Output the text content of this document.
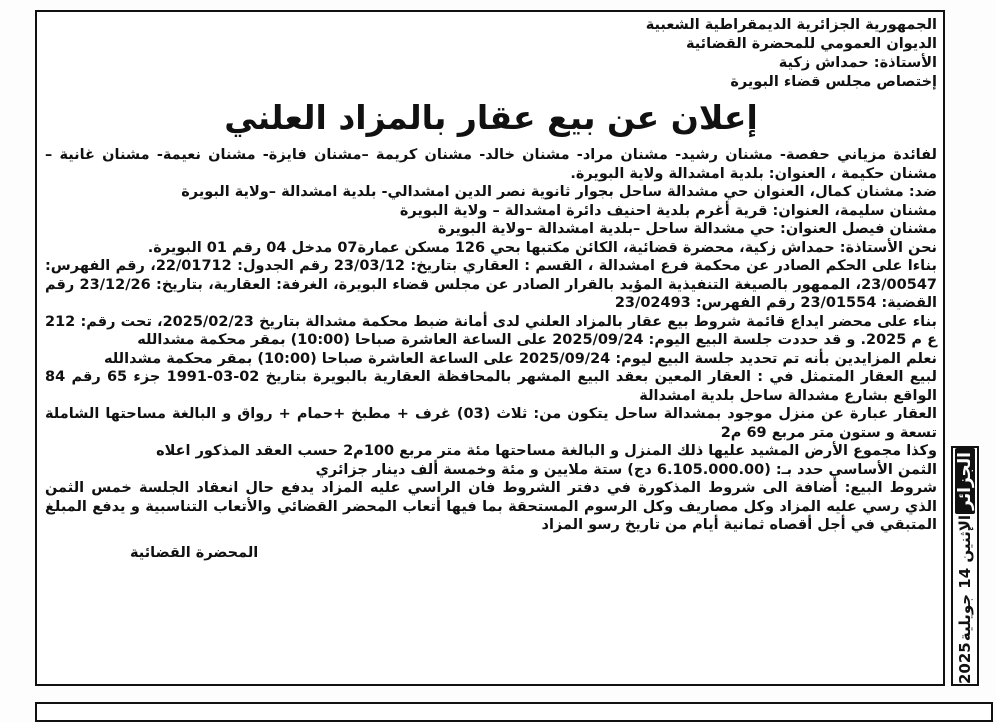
الجمهورية الجزائرية الديمقراطية الشعبية
الديوان العمومي للمحضرة القضائية
الأستاذة: حمداش زكية
إختصاص مجلس قضاء البويرة
إعلان عن بيع عقار بالمزاد العلني

لفائدة مزياني حفصة- مشنان رشيد- مشنان مراد- مشنان خالد- مشنان كريمة –مشنان فايزة- مشنان نعيمة- مشنان غانية – مشنان حكيمة ، العنوان: بلدية امشدالة ولاية البويرة.

ضد: مشنان كمال، العنوان حي مشدالة ساحل بجوار ثانوية نصر الدين امشدالي- بلدية امشدالة –ولاية البويرة

مشنان سليمة، العنوان: قرية أغرم بلدية احنيف دائرة امشدالة – ولاية البويرة

مشنان فيصل العنوان: حي مشدالة ساحل –بلدية امشدالة –ولاية البويرة

نحن الأستاذة: حمداش زكية، محضرة قضائية، الكائن مكتبها بحي 126 مسكن عمارة07 مدخل 04 رقم 01 البويرة.

بناءا على الحكم الصادر عن محكمة فرع امشدالة ، القسم : العقاري بتاريخ: 23/03/12 رقم الجدول: 22/01712، رقم الفهرس: 23/00547، الممهور بالصيغة التنفيذية المؤيد بالقرار الصادر عن مجلس قضاء البويرة، الغرفة: العقارية، بتاريخ: 23/12/26 رقم القضية: 23/01554 رقم الفهرس: 23/02493

بناء على محضر ايداع قائمة شروط بيع عقار بالمزاد العلني لدى أمانة ضبط محكمة مشدالة بتاريخ 2025/02/23، تحت رقم: 212 ع م 2025. و قد حددت جلسة البيع اليوم: 2025/09/24 على الساعة العاشرة صباحا (10:00) بمقر محكمة مشدالله

نعلم المزايدين بأنه تم تحديد جلسة البيع ليوم: 2025/09/24 على الساعة العاشرة صباحا (10:00) بمقر محكمة مشدالله

لبيع العقار المتمثل في : العقار المعين بعقد البيع المشهر بالمحافظة العقارية بالبويرة بتاريخ 02-03-1991 جزء 65 رقم 84 الواقع بشارع مشدالة ساحل بلدية امشدالة

العقار عبارة عن منزل موجود بمشدالة ساحل يتكون من: ثلاث (03) غرف + مطبخ +حمام + رواق و البالغة مساحتها الشاملة تسعة و ستون متر مربع 69 م2

وكذا مجموع الأرض المشيد عليها ذلك المنزل و البالغة مساحتها مئة متر مربع 100م2 حسب العقد المذكور اعلاه

الثمن الأساسي حدد بـ: (6.105.000.00 دج) ستة ملايين و مئة وخمسة ألف دينار جزائري

شروط البيع: أضافة الى شروط المذكورة في دفتر الشروط فان الراسي عليه المزاد يدفع حال انعقاد الجلسة خمس الثمن الذي رسي عليه المزاد وكل مصاريف وكل الرسوم المستحقة بما فيها أتعاب المحضر القضائي والأتعاب التناسبية و يدفع المبلغ المتبقي في أجل أقصاه ثمانية أيام من تاريخ رسو المزاد

المحضرة القضائية
2025
الإثنين 14 جويلية
الجزائر
